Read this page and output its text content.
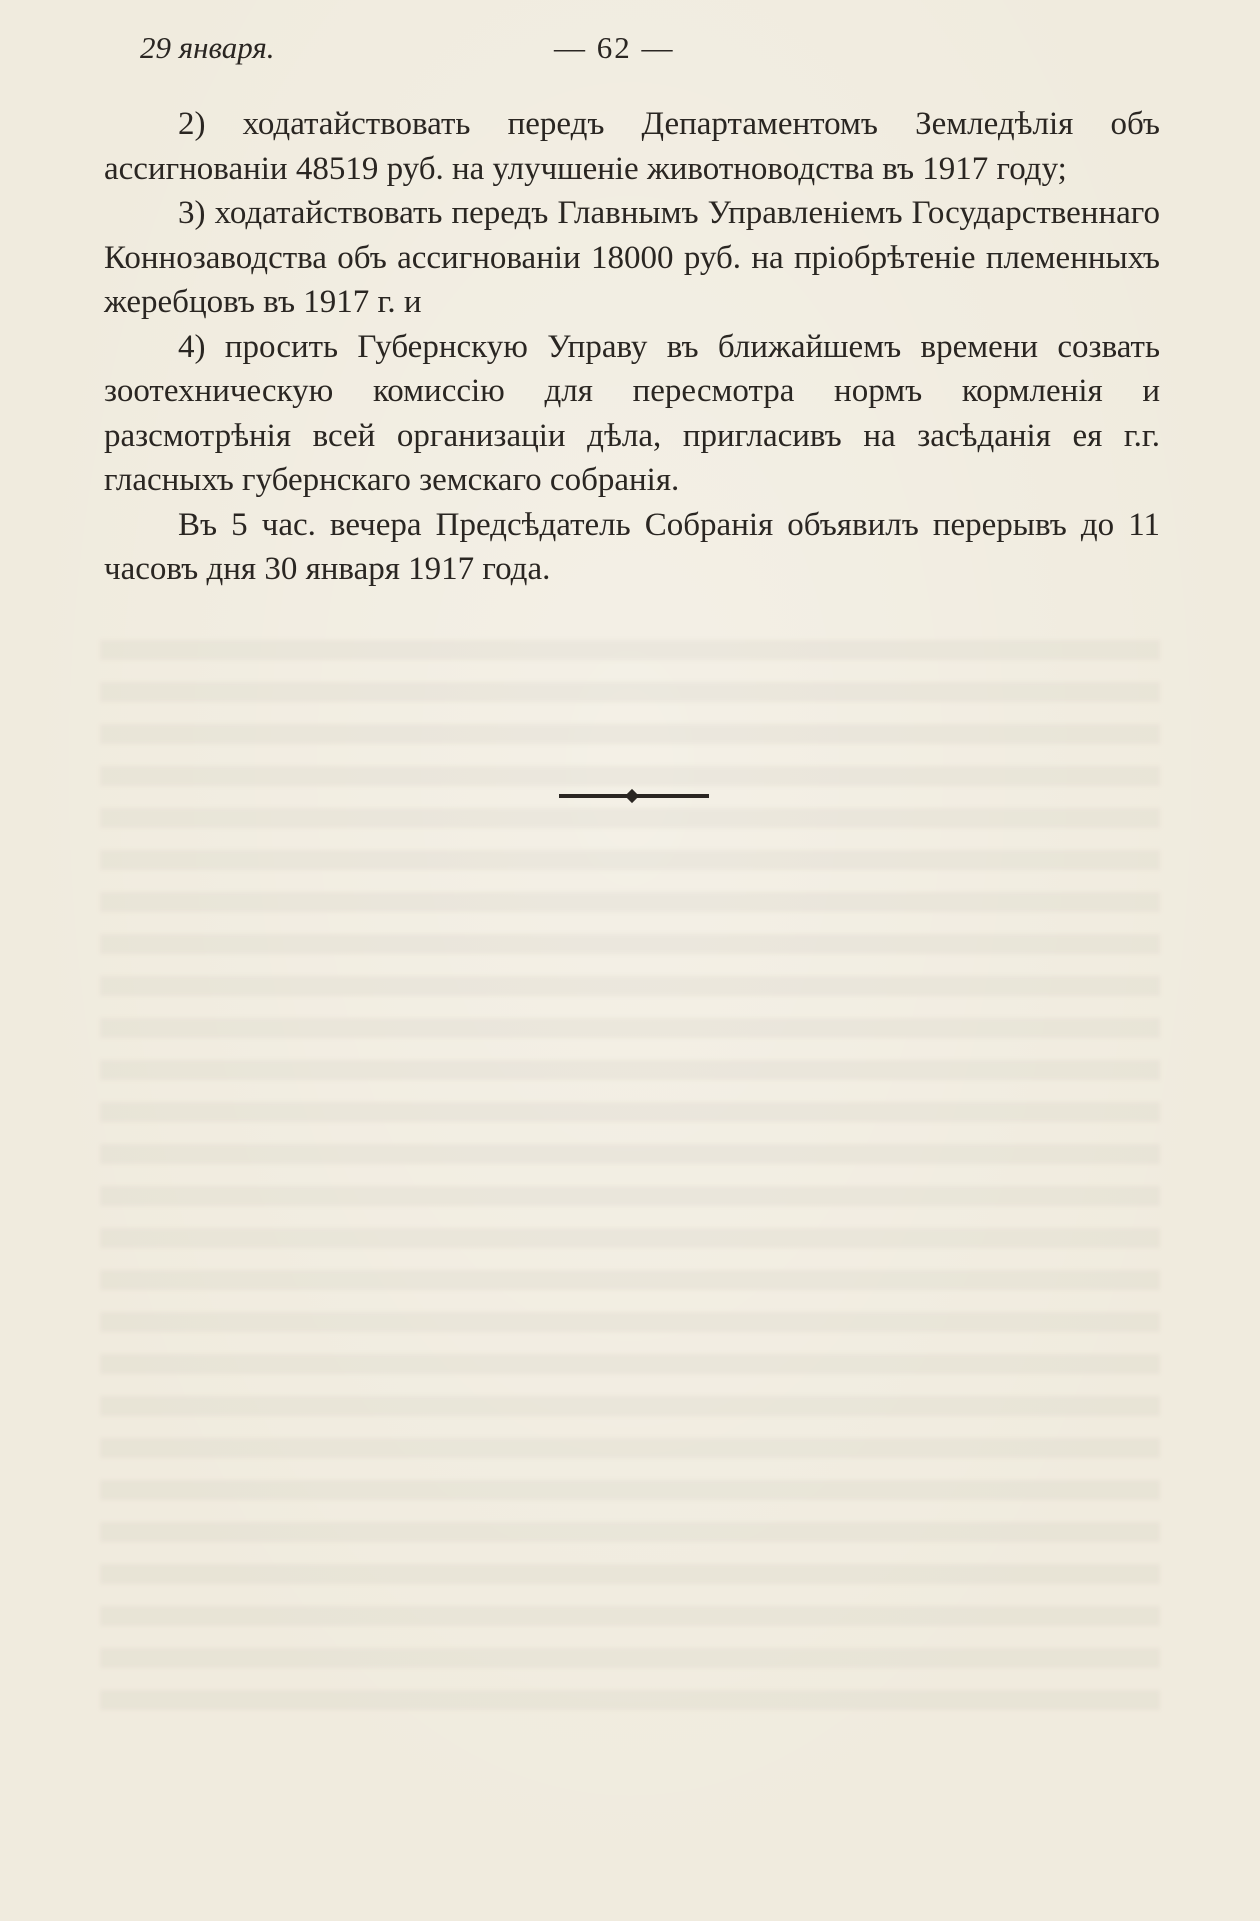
29 января.	— 62 —

2) ходатайствовать передъ Департаментомъ Земледѣлія объ ассигнованіи 48519 руб. на улучшеніе животноводства въ 1917 году;

3) ходатайствовать передъ Главнымъ Управленіемъ Государственнаго Коннозаводства объ ассигнованіи 18000 руб. на пріобрѣтеніе племенныхъ жеребцовъ въ 1917 г. и

4) просить Губернскую Управу въ ближайшемъ времени созвать зоотехническую комиссію для пересмотра нормъ кормленія и разсмотрѣнія всей организаціи дѣла, пригласивъ на засѣданія ея г.г. гласныхъ губернскаго земскаго собранія.

Въ 5 час. вечера Предсѣдатель Собранія объявилъ перерывъ до 11 часовъ дня 30 января 1917 года.
